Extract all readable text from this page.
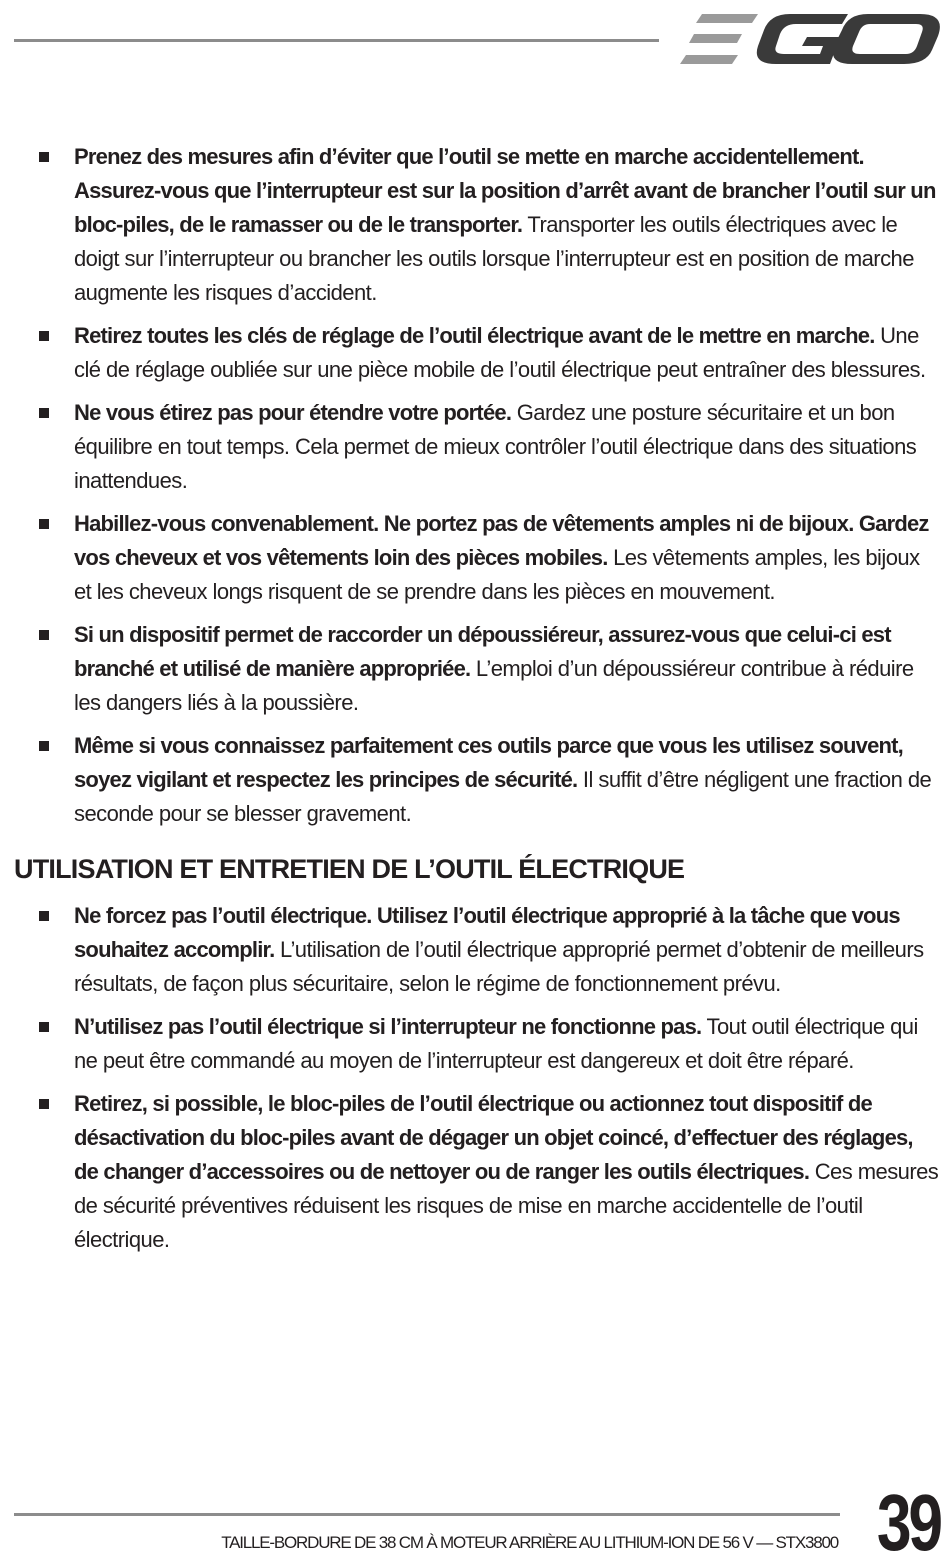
Prenez des mesures afin d’éviter que l’outil se mette en marche accidentellement. Assurez-vous que l’interrupteur est sur la position d’arrêt avant de brancher l’outil sur un bloc-piles, de le ramasser ou de le transporter. Transporter les outils électriques avec le doigt sur l’interrupteur ou brancher les outils lorsque l’interrupteur est en position de marche augmente les risques d’accident.
Retirez toutes les clés de réglage de l’outil électrique avant de le mettre en marche. Une clé de réglage oubliée sur une pièce mobile de l’outil électrique peut entraîner des blessures.
Ne vous étirez pas pour étendre votre portée. Gardez une posture sécuritaire et un bon équilibre en tout temps. Cela permet de mieux contrôler l’outil électrique dans des situations inattendues.
Habillez-vous convenablement. Ne portez pas de vêtements amples ni de bijoux. Gardez vos cheveux et vos vêtements loin des pièces mobiles. Les vêtements amples, les bijoux et les cheveux longs risquent de se prendre dans les pièces en mouvement.
Si un dispositif permet de raccorder un dépoussiéreur, assurez-vous que celui-ci est branché et utilisé de manière appropriée. L’emploi d’un dépoussiéreur contribue à réduire les dangers liés à la poussière.
Même si vous connaissez parfaitement ces outils parce que vous les utilisez souvent, soyez vigilant et respectez les principes de sécurité. Il suffit d’être négligent une fraction de seconde pour se blesser gravement.
UTILISATION ET ENTRETIEN DE L’OUTIL ÉLECTRIQUE
Ne forcez pas l’outil électrique. Utilisez l’outil électrique approprié à la tâche que vous souhaitez accomplir. L’utilisation de l’outil électrique approprié permet d’obtenir de meilleurs résultats, de façon plus sécuritaire, selon le régime de fonctionnement prévu.
N’utilisez pas l’outil électrique si l’interrupteur ne fonctionne pas. Tout outil électrique qui ne peut être commandé au moyen de l’interrupteur est dangereux et doit être réparé.
Retirez, si possible, le bloc-piles de l’outil électrique ou actionnez tout dispositif de désactivation du bloc-piles avant de dégager un objet coincé, d’effectuer des réglages, de changer d’accessoires ou de nettoyer ou de ranger les outils électriques. Ces mesures de sécurité préventives réduisent les risques de mise en marche accidentelle de l’outil électrique.
TAILLE-BORDURE DE 38 CM À MOTEUR ARRIÈRE AU LITHIUM-ION DE 56 V — STX3800 39
